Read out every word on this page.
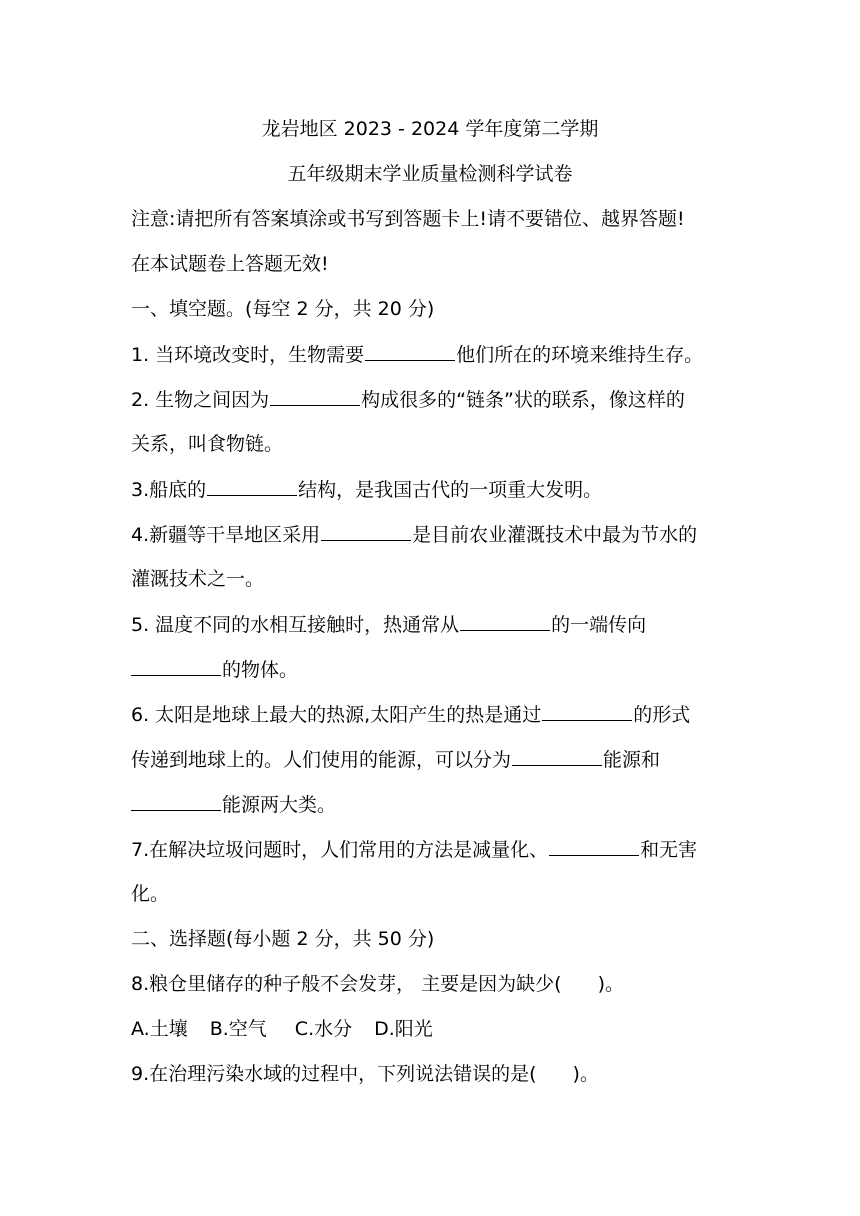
龙岩地区 2023 - 2024 学年度第二学期
五年级期末学业质量检测科学试卷
注意:请把所有答案填涂或书写到答题卡上!请不要错位、越界答题!
在本试题卷上答题无效!
一、填空题。(每空 2 分，共 20 分)
1. 当环境改变时，生物需要	他们所在的环境来维持生存。
2. 生物之间因为	构成很多的“链条”状的联系，像这样的
关系，叫食物链。
3.船底的	结构，是我国古代的一项重大发明。
4.新疆等干旱地区采用	是目前农业灌溉技术中最为节水的
灌溉技术之一。
5. 温度不同的水相互接触时，热通常从	的一端传向
的物体。
6. 太阳是地球上最大的热源,太阳产生的热是通过	的形式
传递到地球上的。人们使用的能源，可以分为	能源和
能源两大类。
7.在解决垃圾问题时，人们常用的方法是减量化、	和无害
化。
二、选择题(每小题 2 分，共 50 分)
8.粮仓里储存的种子般不会发芽， 主要是因为缺少( )。
A.土壤 B.空气 C.水分 D.阳光
9.在治理污染水域的过程中，下列说法错误的是( )。
